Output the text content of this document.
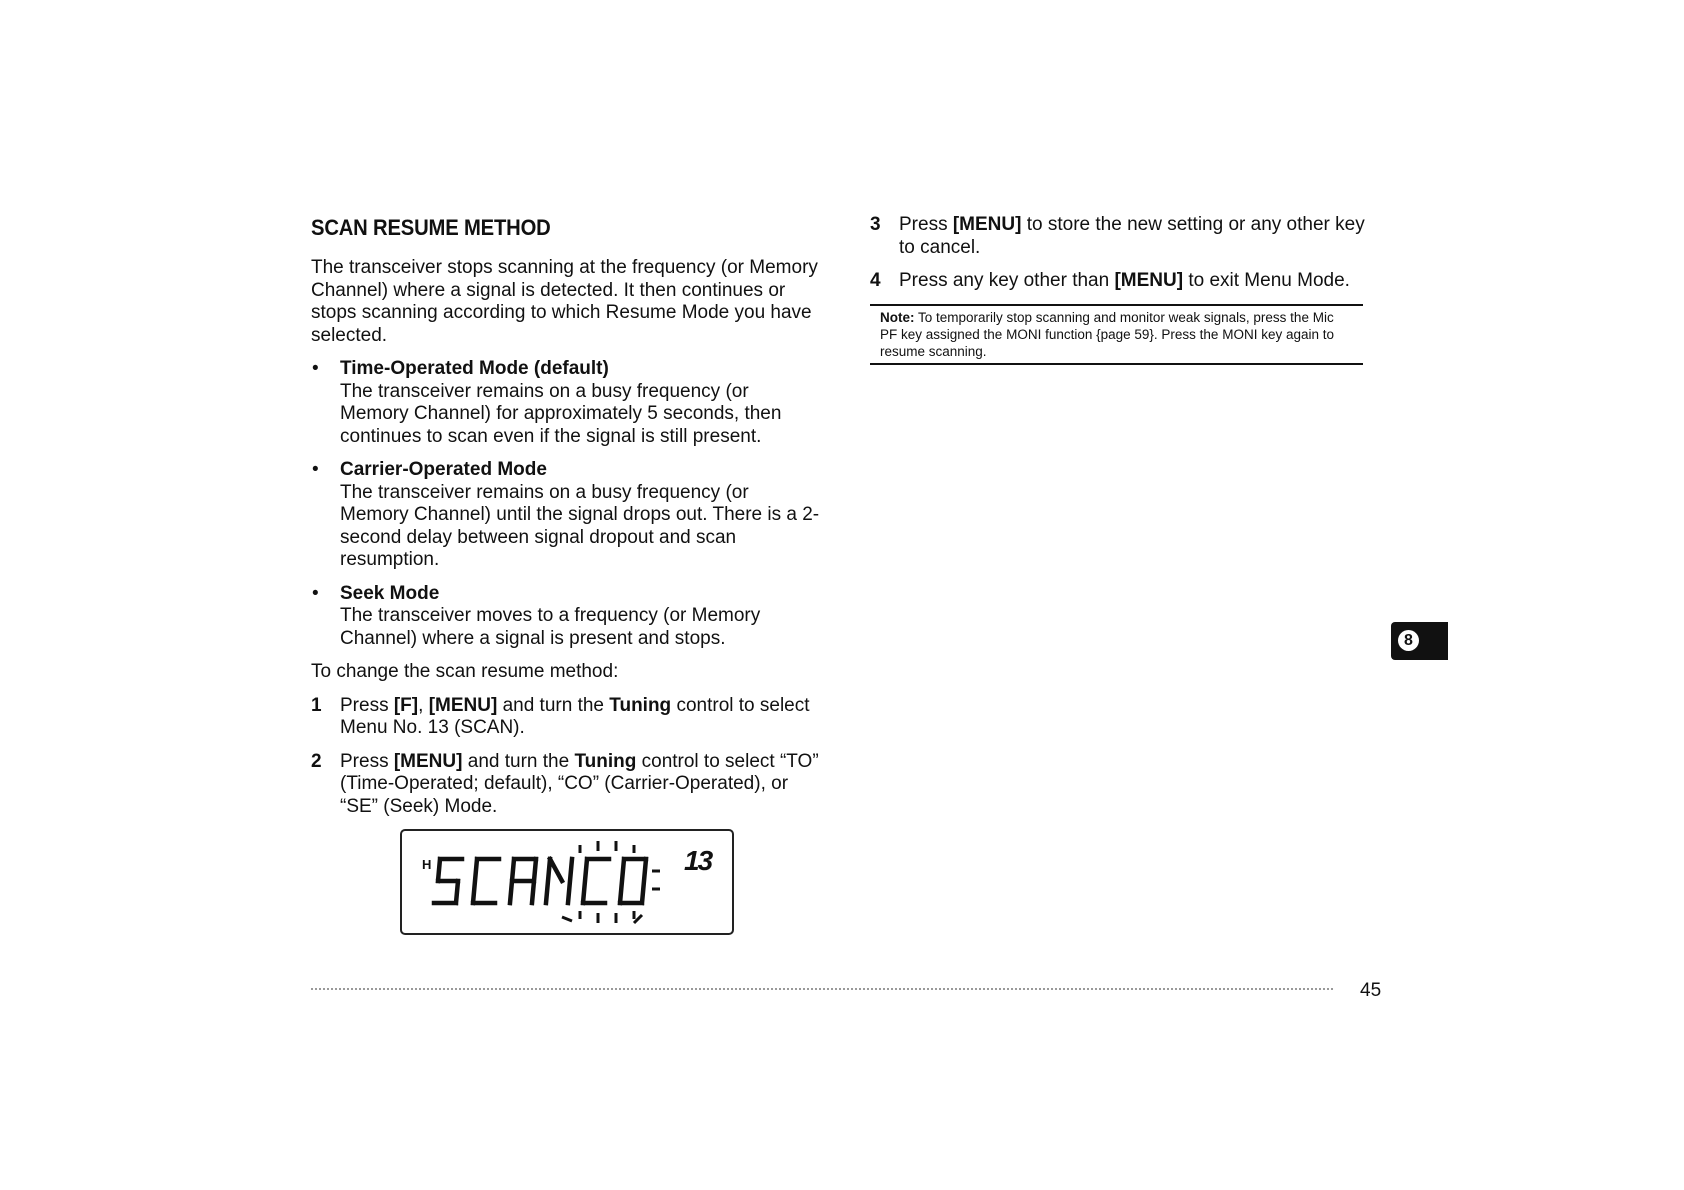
SCAN RESUME METHOD

The transceiver stops scanning at the frequency (or Memory Channel) where a signal is detected. It then continues or stops scanning according to which Resume Mode you have selected.

• Time-Operated Mode (default)
The transceiver remains on a busy frequency (or Memory Channel) for approximately 5 seconds, then continues to scan even if the signal is still present.
• Carrier-Operated Mode
The transceiver remains on a busy frequency (or Memory Channel) until the signal drops out. There is a 2-second delay between signal dropout and scan resumption.
• Seek Mode
The transceiver moves to a frequency (or Memory Channel) where a signal is present and stops.

To change the scan resume method:

1 Press [F], [MENU] and turn the Tuning control to select Menu No. 13 (SCAN).
2 Press [MENU] and turn the Tuning control to select “TO” (Time-Operated; default), “CO” (Carrier-Operated), or “SE” (Seek) Mode.
H	13
3 Press [MENU] to store the new setting or any other key to cancel.
4 Press any key other than [MENU] to exit Menu Mode.
Note: To temporarily stop scanning and monitor weak signals, press the Mic PF key assigned the MONI function {page 59}. Press the MONI key again to resume scanning.
8
45
